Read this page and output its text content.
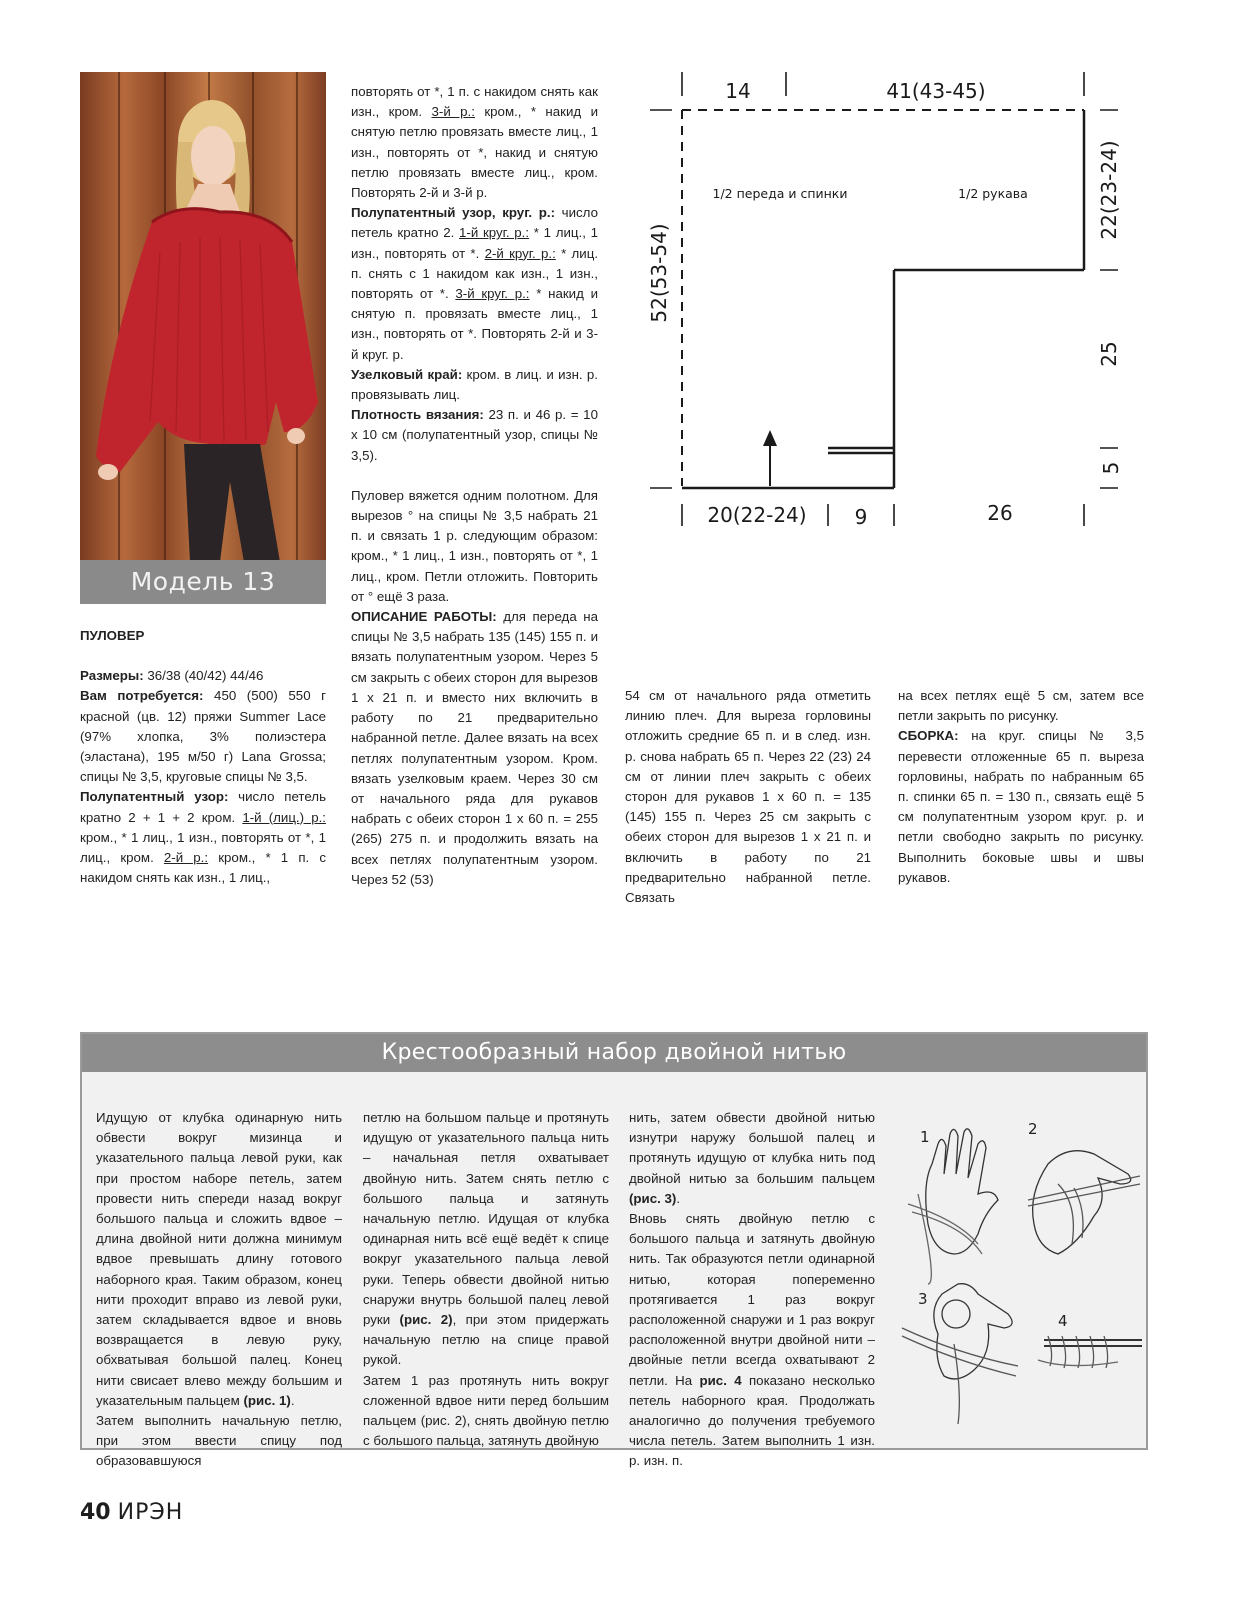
Модель 13

ПУЛОВЕР

Размеры: 36/38 (40/42) 44/46
Вам потребуется: 450 (500) 550 г красной (цв. 12) пряжи Summer Lace (97% хлопка, 3% полиэстера (эластана), 195 м/50 г) Lana Grossa; спицы № 3,5, круговые спицы № 3,5.
Полупатентный узор: число петель кратно 2 + 1 + 2 кром. 1-й (лиц.) р.: кром., * 1 лиц., 1 изн., повторять от *, 1 лиц., кром. 2-й р.: кром., * 1 п. с накидом снять как изн., 1 лиц.,

повторять от *, 1 п. с накидом снять как изн., кром. 3-й р.: кром., * накид и снятую петлю провязать вместе лиц., 1 изн., повторять от *, накид и снятую петлю провязать вместе лиц., кром. Повторять 2-й и 3-й р.
Полупатентный узор, круг. р.: число петель кратно 2. 1-й круг. р.: * 1 лиц., 1 изн., повторять от *. 2-й круг. р.: * лиц. п. снять с 1 накидом как изн., 1 изн., повторять от *. 3-й круг. р.: * накид и снятую п. провязать вместе лиц., 1 изн., повторять от *. Повторять 2-й и 3-й круг. р.
Узелковый край: кром. в лиц. и изн. р. провязывать лиц.
Плотность вязания: 23 п. и 46 р. = 10 x 10 см (полупатентный узор, спицы № 3,5).

Пуловер вяжется одним полотном. Для вырезов ° на спицы № 3,5 набрать 21 п. и связать 1 р. следующим образом: кром., * 1 лиц., 1 изн., повторять от *, 1 лиц., кром. Петли отложить. Повторить от ° ещё 3 раза.
ОПИСАНИЕ РАБОТЫ: для переда на спицы № 3,5 набрать 135 (145) 155 п. и вязать полупатентным узором. Через 5 см закрыть с обеих сторон для вырезов 1 x 21 п. и вместо них включить в работу по 21 предварительно набранной петле. Далее вязать на всех петлях полупатентным узором. Кром. вязать узелковым краем. Через 30 см от начального ряда для рукавов набрать с обеих сторон 1 x 60 п. = 255 (265) 275 п. и продолжить вязать на всех петлях полупатентным узором. Через 52 (53)

54 см от начального ряда отметить линию плеч. Для выреза горловины отложить средние 65 п. и в след. изн. р. снова набрать 65 п. Через 22 (23) 24 см от линии плеч закрыть с обеих сторон для рукавов 1 x 60 п. = 135 (145) 155 п. Через 25 см закрыть с обеих сторон для вырезов 1 x 21 п. и включить в работу по 21 предварительно набранной петле. Связать

на всех петлях ещё 5 см, затем все петли закрыть по рисунку.
СБОРКА: на круг. спицы № 3,5 перевести отложенные 65 п. выреза горловины, набрать по набранным 65 п. спинки 65 п. = 130 п., связать ещё 5 см полупатентным узором круг. р. и петли свободно закрыть по рисунку. Выполнить боковые швы и швы рукавов.

1/2 переда и спинки	1/2 рукава
14	41(43-45)
52(53-54)
22(23-24)
25
5
20(22-24) 9	26
Крестообразный набор двойной нитью

Идущую от клубка одинарную нить обвести вокруг мизинца и указательного пальца левой руки, как при простом наборе петель, затем провести нить спереди назад вокруг большого пальца и сложить вдвое – длина двойной нити должна минимум вдвое превышать длину готового наборного края. Таким образом, конец нити проходит вправо из левой руки, затем складывается вдвое и вновь возвращается в левую руку, обхватывая большой палец. Конец нити свисает влево между большим и указательным пальцем (рис. 1).
Затем выполнить начальную петлю, при этом ввести спицу под образовавшуюся

петлю на большом пальце и протянуть идущую от указательного пальца нить – начальная петля охватывает двойную нить. Затем снять петлю с большого пальца и затянуть начальную петлю. Идущая от клубка одинарная нить всё ещё ведёт к спице вокруг указательного пальца левой руки. Теперь обвести двойной нитью снаружи внутрь большой палец левой руки (рис. 2), при этом придержать начальную петлю на спице правой рукой.
Затем 1 раз протянуть нить вокруг сложенной вдвое нити перед большим пальцем (рис. 2), снять двойную петлю с большого пальца, затянуть двойную

нить, затем обвести двойной нитью изнутри наружу большой палец и протянуть идущую от клубка нить под двойной нитью за большим пальцем (рис. 3).
Вновь снять двойную петлю с большого пальца и затянуть двойную нить. Так образуются петли одинарной нитью, которая попеременно протягивается 1 раз вокруг расположенной снаружи и 1 раз вокруг расположенной внутри двойной нити – двойные петли всегда охватывают 2 петли. На рис. 4 показано несколько петель наборного края. Продолжать аналогично до получения требуемого числа петель. Затем выполнить 1 изн. р. изн. п.

1	2
3
4
40 ИРЭН
